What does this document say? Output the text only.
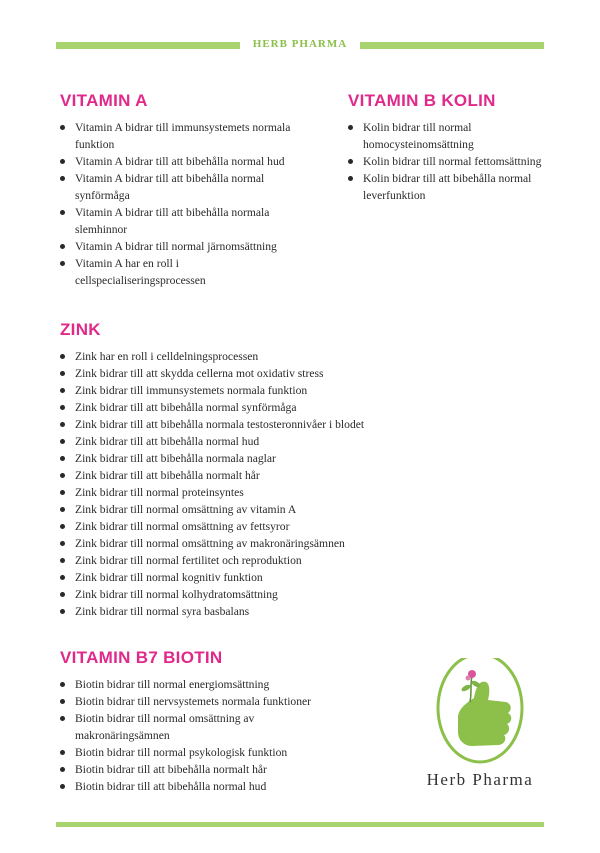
HERB PHARMA
VITAMIN A
Vitamin A bidrar till immunsystemets normala funktion
Vitamin A bidrar till att bibehålla normal hud
Vitamin A bidrar till att bibehålla normal synförmåga
Vitamin A bidrar till att bibehålla normala slemhinnor
Vitamin A bidrar till normal järnomsättning
Vitamin A har en roll i cellspecialiseringsprocessen
VITAMIN B KOLIN
Kolin bidrar till normal homocysteinomsättning
Kolin bidrar till normal fettomsättning
Kolin bidrar till att bibehålla normal leverfunktion
ZINK
Zink har en roll i celldelningsprocessen
Zink bidrar till att skydda cellerna mot oxidativ stress
Zink bidrar till immunsystemets normala funktion
Zink bidrar till att bibehålla normal synförmåga
Zink bidrar till att bibehålla normala testosteronnivåer i blodet
Zink bidrar till att bibehålla normal hud
Zink bidrar till att bibehålla normala naglar
Zink bidrar till att bibehålla normalt hår
Zink bidrar till normal proteinsyntes
Zink bidrar till normal omsättning av vitamin A
Zink bidrar till normal omsättning av fettsyror
Zink bidrar till normal omsättning av makronäringsämnen
Zink bidrar till normal fertilitet och reproduktion
Zink bidrar till normal kognitiv funktion
Zink bidrar till normal kolhydratomsättning
Zink bidrar till normal syra basbalans
VITAMIN B7 BIOTIN
Biotin bidrar till normal energiomsättning
Biotin bidrar till nervsystemets normala funktioner
Biotin bidrar till normal omsättning av makronäringsämnen
Biotin bidrar till normal psykologisk funktion
Biotin bidrar till att bibehålla normalt hår
Biotin bidrar till att bibehålla normal hud	Herb Pharma
